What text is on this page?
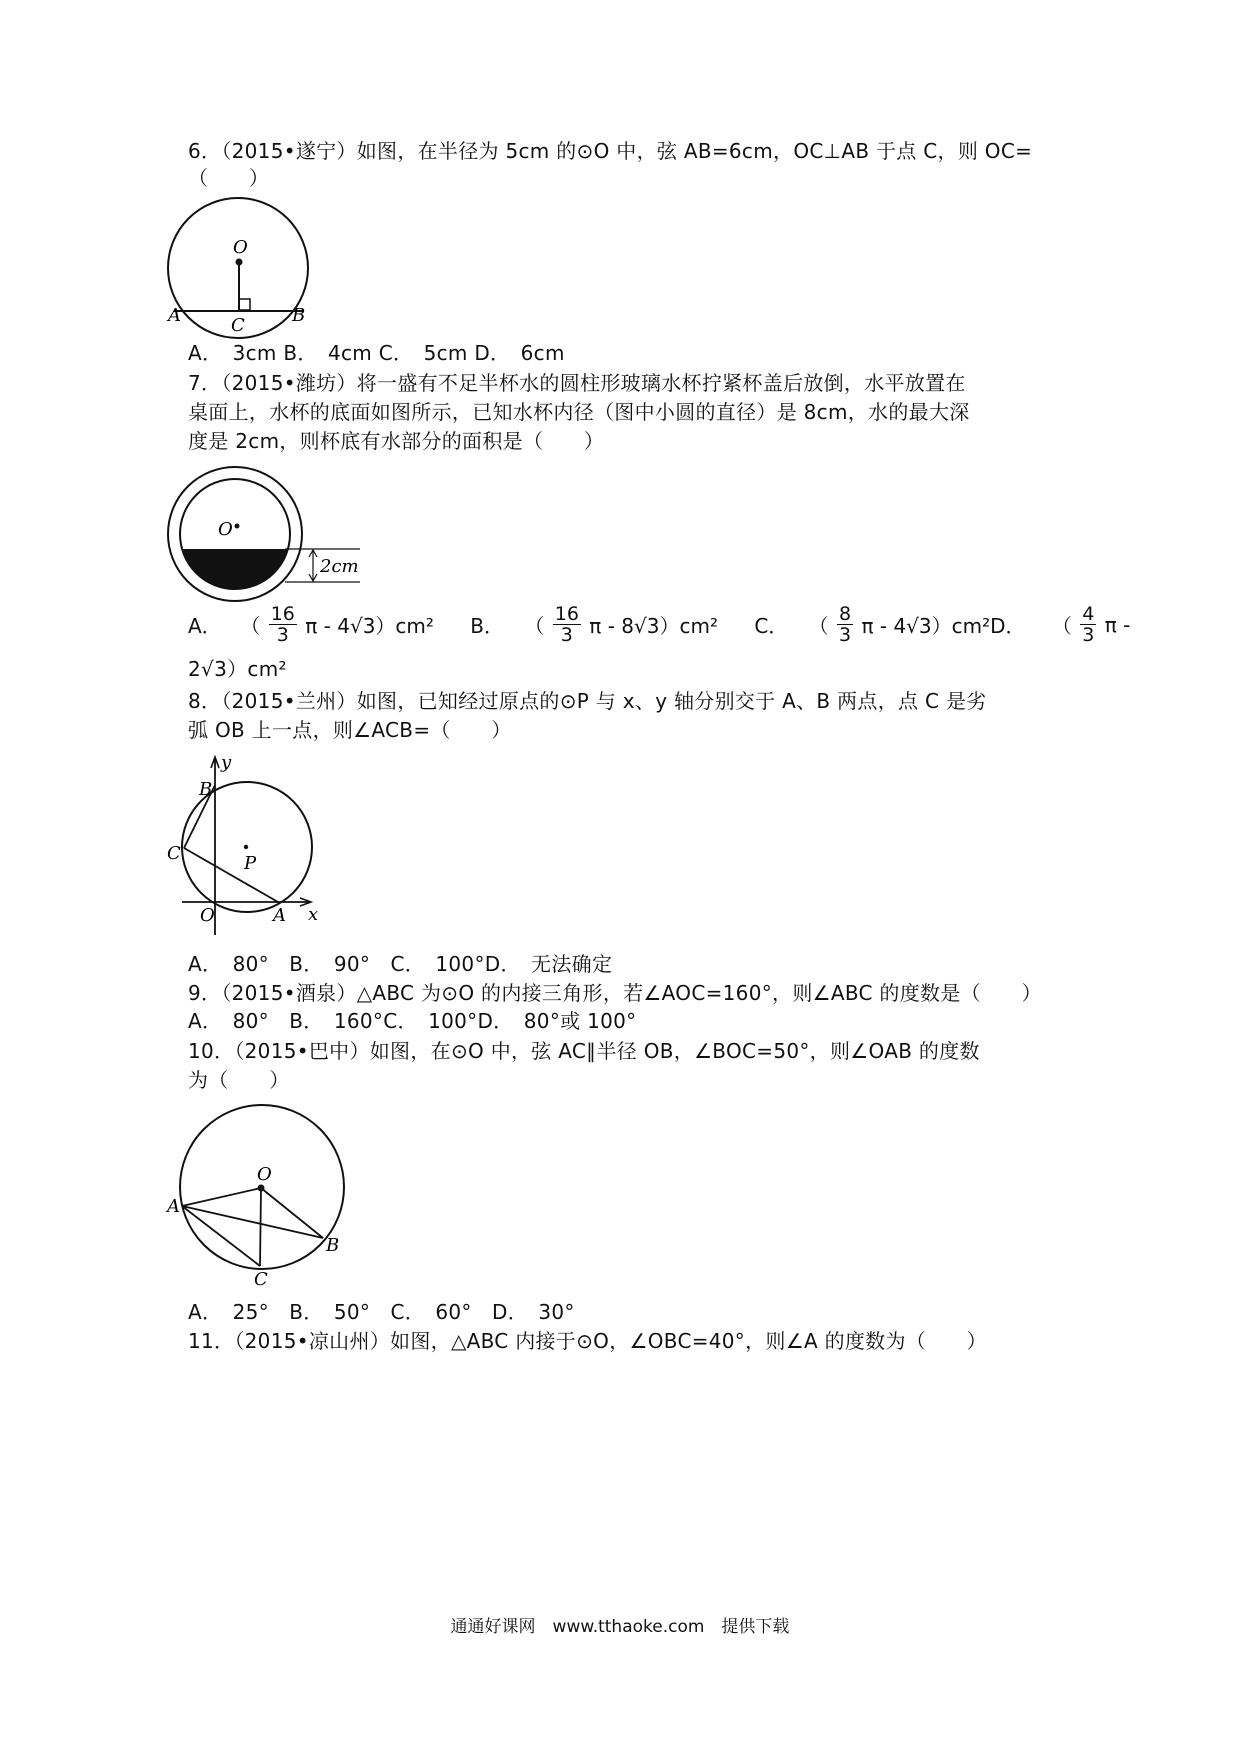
6．（2015•遂宁）如图，在半径为 5cm 的⊙O 中，弦 AB=6cm，OC⊥AB 于点 C，则 OC=
（　　）
O
A	B
C
A．　3cm B．　4cm C．　5cm D．　6cm
7．（2015•潍坊）将一盛有不足半杯水的圆柱形玻璃水杯拧紧杯盖后放倒，水平放置在
桌面上，水杯的底面如图所示，已知水杯内径（图中小圆的直径）是 8cm，水的最大深
度是 2cm，则杯底有水部分的面积是（　　）
O
2cm
A． （ $\frac{16}{3}$ π - 4√3）cm² B． （ $\frac{16}{3}$ π - 8√3）cm² C． （ $\frac{8}{3}$ π - 4√3）cm²D． （ $\frac{4}{3}$ π -
2√3）cm²
8．（2015•兰州）如图，已知经过原点的⊙P 与 x、y 轴分别交于 A、B 两点，点 C 是劣
弧 OB 上一点，则∠ACB=（　　）
y
x
B
C	P
O	A
A．　80°　B．　90°　C．　100°D．　无法确定
9．（2015•酒泉）△ABC 为⊙O 的内接三角形，若∠AOC=160°，则∠ABC 的度数是（　　）
A．　80°　B．　160°C．　100°D．　80°或 100°
10．（2015•巴中）如图，在⊙O 中，弦 AC∥半径 OB，∠BOC=50°，则∠OAB 的度数
为（　　）
O
A
B
C
A．　25°　B．　50°　C．　60°　D．　30°
11．（2015•凉山州）如图，△ABC 内接于⊙O，∠OBC=40°，则∠A 的度数为（　　）
通通好课网　www.tthaoke.com　提供下载
